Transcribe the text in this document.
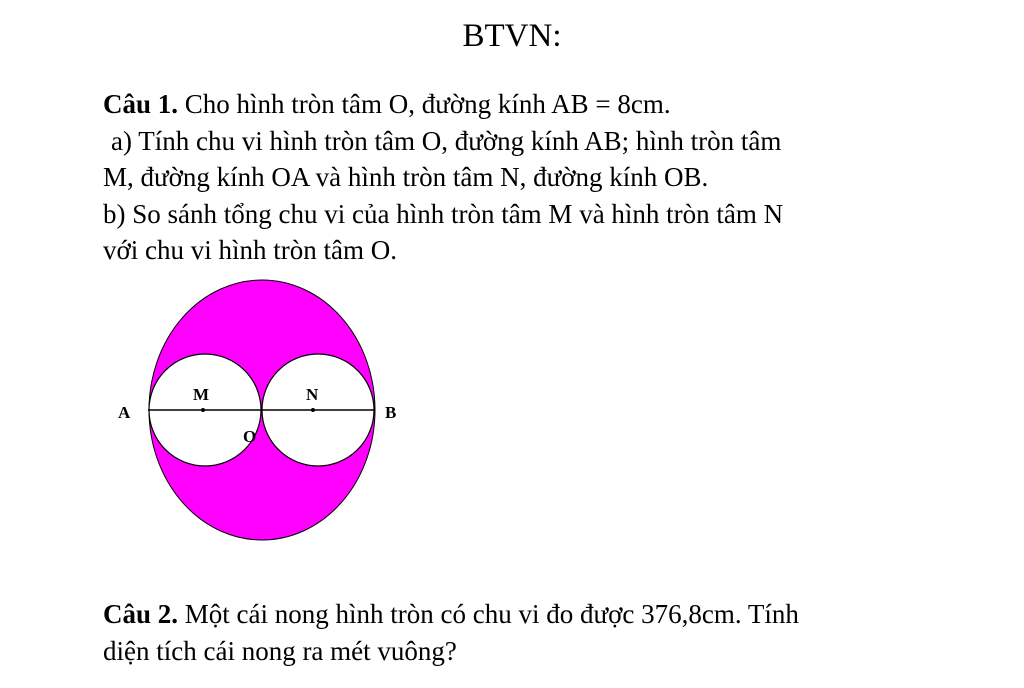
BTVN:
Câu 1. Cho hình tròn tâm O, đường kính AB = 8cm.
a) Tính chu vi hình tròn tâm O, đường kính AB; hình tròn tâm
M, đường kính OA và hình tròn tâm N, đường kính OB.
b) So sánh tổng chu vi của hình tròn tâm M và hình tròn tâm N
với chu vi hình tròn tâm O.
A	B
M	N
O
Câu 2. Một cái nong hình tròn có chu vi đo được 376,8cm. Tính
diện tích cái nong ra mét vuông?
